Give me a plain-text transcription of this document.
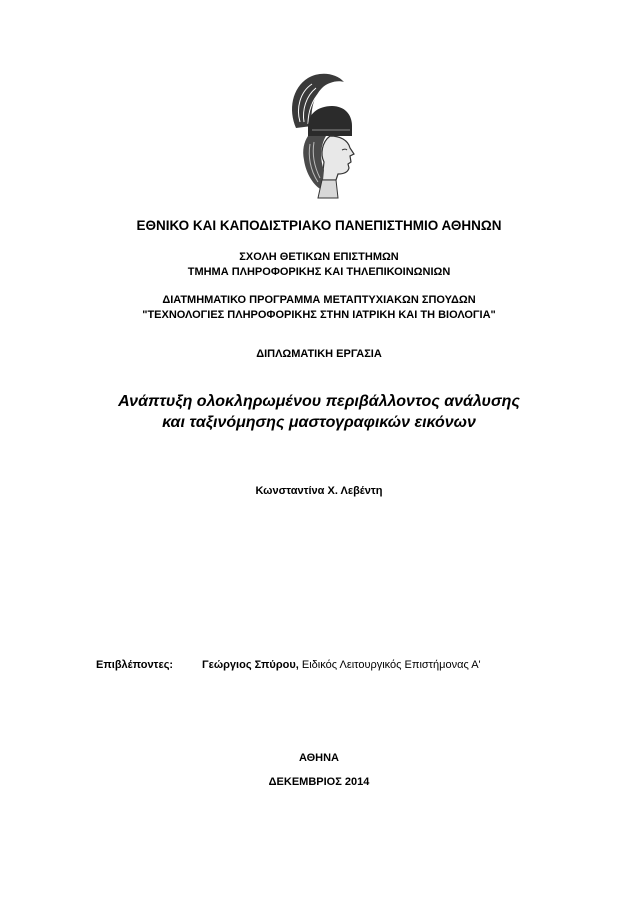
ΕΘΝΙΚΟ ΚΑΙ ΚΑΠΟΔΙΣΤΡΙΑΚΟ ΠΑΝΕΠΙΣΤΗΜΙΟ ΑΘΗΝΩΝ
ΣΧΟΛΗ ΘΕΤΙΚΩΝ ΕΠΙΣΤΗΜΩΝ
ΤΜΗΜΑ ΠΛΗΡΟΦΟΡΙΚΗΣ ΚΑΙ ΤΗΛΕΠΙΚΟΙΝΩΝΙΩΝ
ΔΙΑΤΜΗΜΑΤΙΚΟ ΠΡΟΓΡΑΜΜΑ ΜΕΤΑΠΤΥΧΙΑΚΩΝ ΣΠΟΥΔΩΝ
"ΤΕΧΝΟΛΟΓΙΕΣ ΠΛΗΡΟΦΟΡΙΚΗΣ ΣΤΗΝ ΙΑΤΡΙΚΗ ΚΑΙ ΤΗ ΒΙΟΛΟΓΙΑ"
ΔΙΠΛΩΜΑΤΙΚΗ ΕΡΓΑΣΙΑ
Ανάπτυξη ολοκληρωμένου περιβάλλοντος ανάλυσης
και ταξινόμησης μαστογραφικών εικόνων
Κωνσταντίνα Χ. Λεβέντη
Επιβλέποντες:	Γεώργιος Σπύρου, Ειδικός Λειτουργικός Επιστήμονας Α'
ΑΘΗΝΑ
ΔΕΚΕΜΒΡΙΟΣ 2014
